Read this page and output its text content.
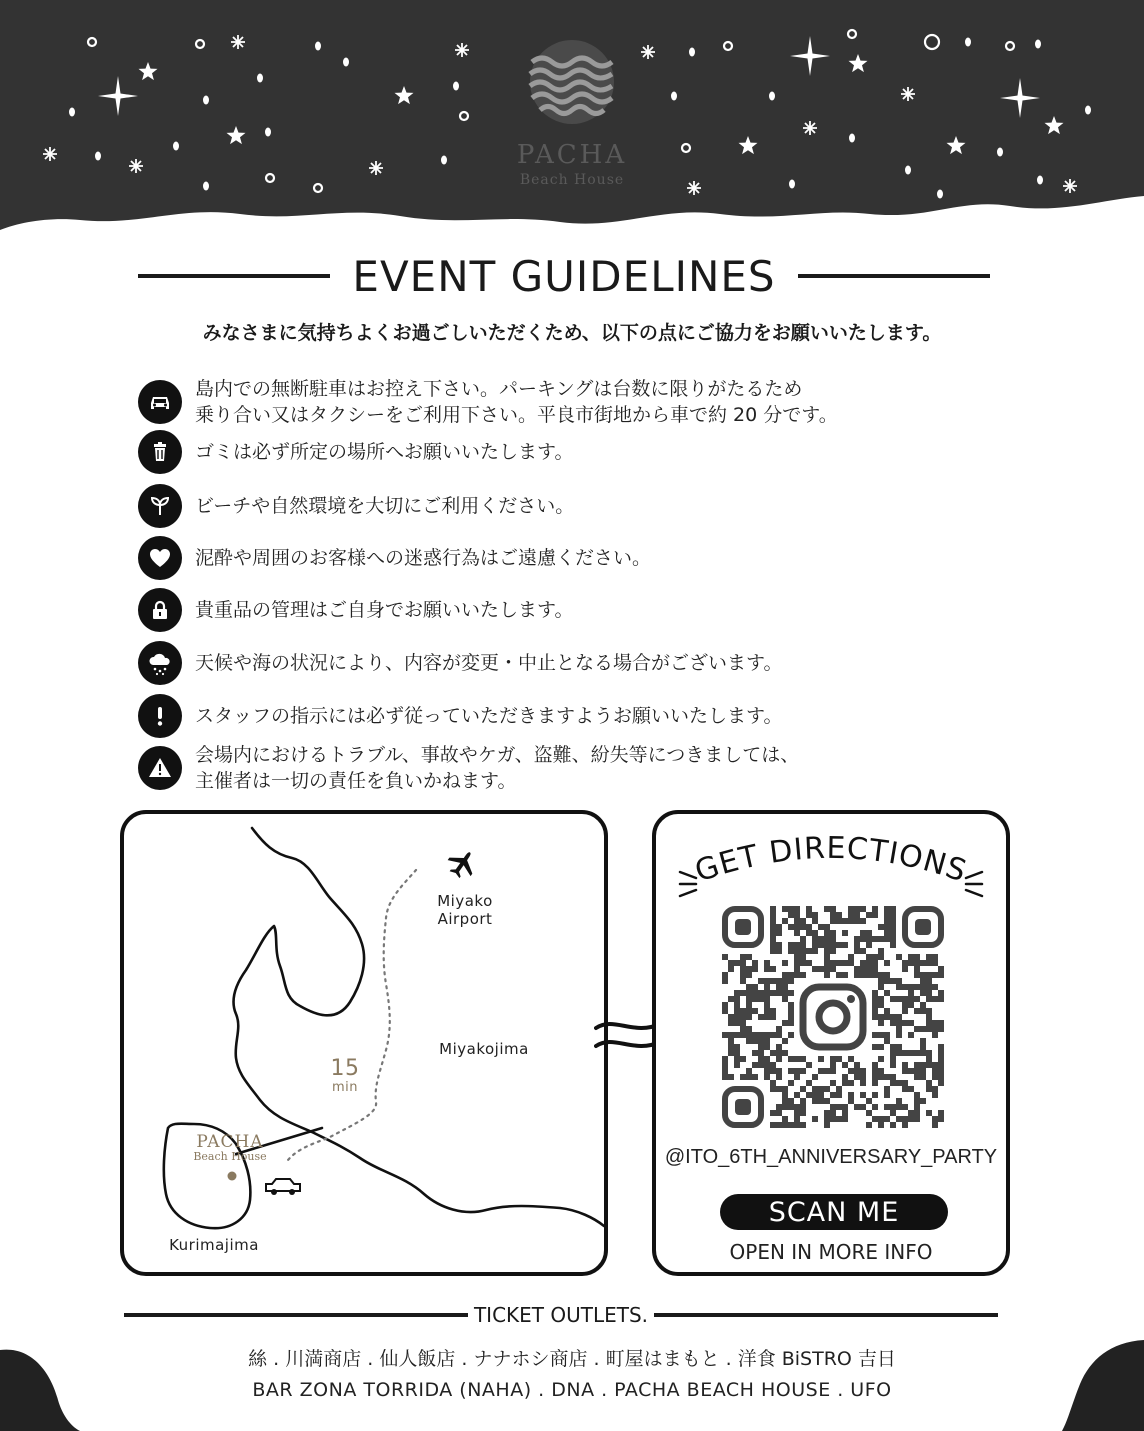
PACHA
Beach House
EVENT GUIDELINES
みなさまに気持ちよくお過ごしいただくため、以下の点にご協力をお願いいたします。
島内での無断駐車はお控え下さい。パーキングは台数に限りがたるため
乗り合い又はタクシーをご利用下さい。平良市街地から車で約 20 分です。
ゴミは必ず所定の場所へお願いいたします。
ビーチや自然環境を大切にご利用ください。
泥酔や周囲のお客様への迷惑行為はご遠慮ください。
貴重品の管理はご自身でお願いいたします。
天候や海の状況により、内容が変更・中止となる場合がございます。
スタッフの指示には必ず従っていただきますようお願いいたします。
会場内におけるトラブル、事故やケガ、盗難、紛失等につきましては、
主催者は一切の責任を負いかねます。
Miyako
Airport
Miyakojima
15
min
PACHA
Beach House
Kurimajima
GET DIRECTIONS
@ITO_6TH_ANNIVERSARY_PARTY
SCAN ME
OPEN IN MORE INFO
TICKET OUTLETS.
絲 . 川満商店 . 仙人飯店 . ナナホシ商店 . 町屋はまもと . 洋食 BiSTRO 吉日
BAR ZONA TORRIDA (NAHA) . DNA . PACHA BEACH HOUSE . UFO
